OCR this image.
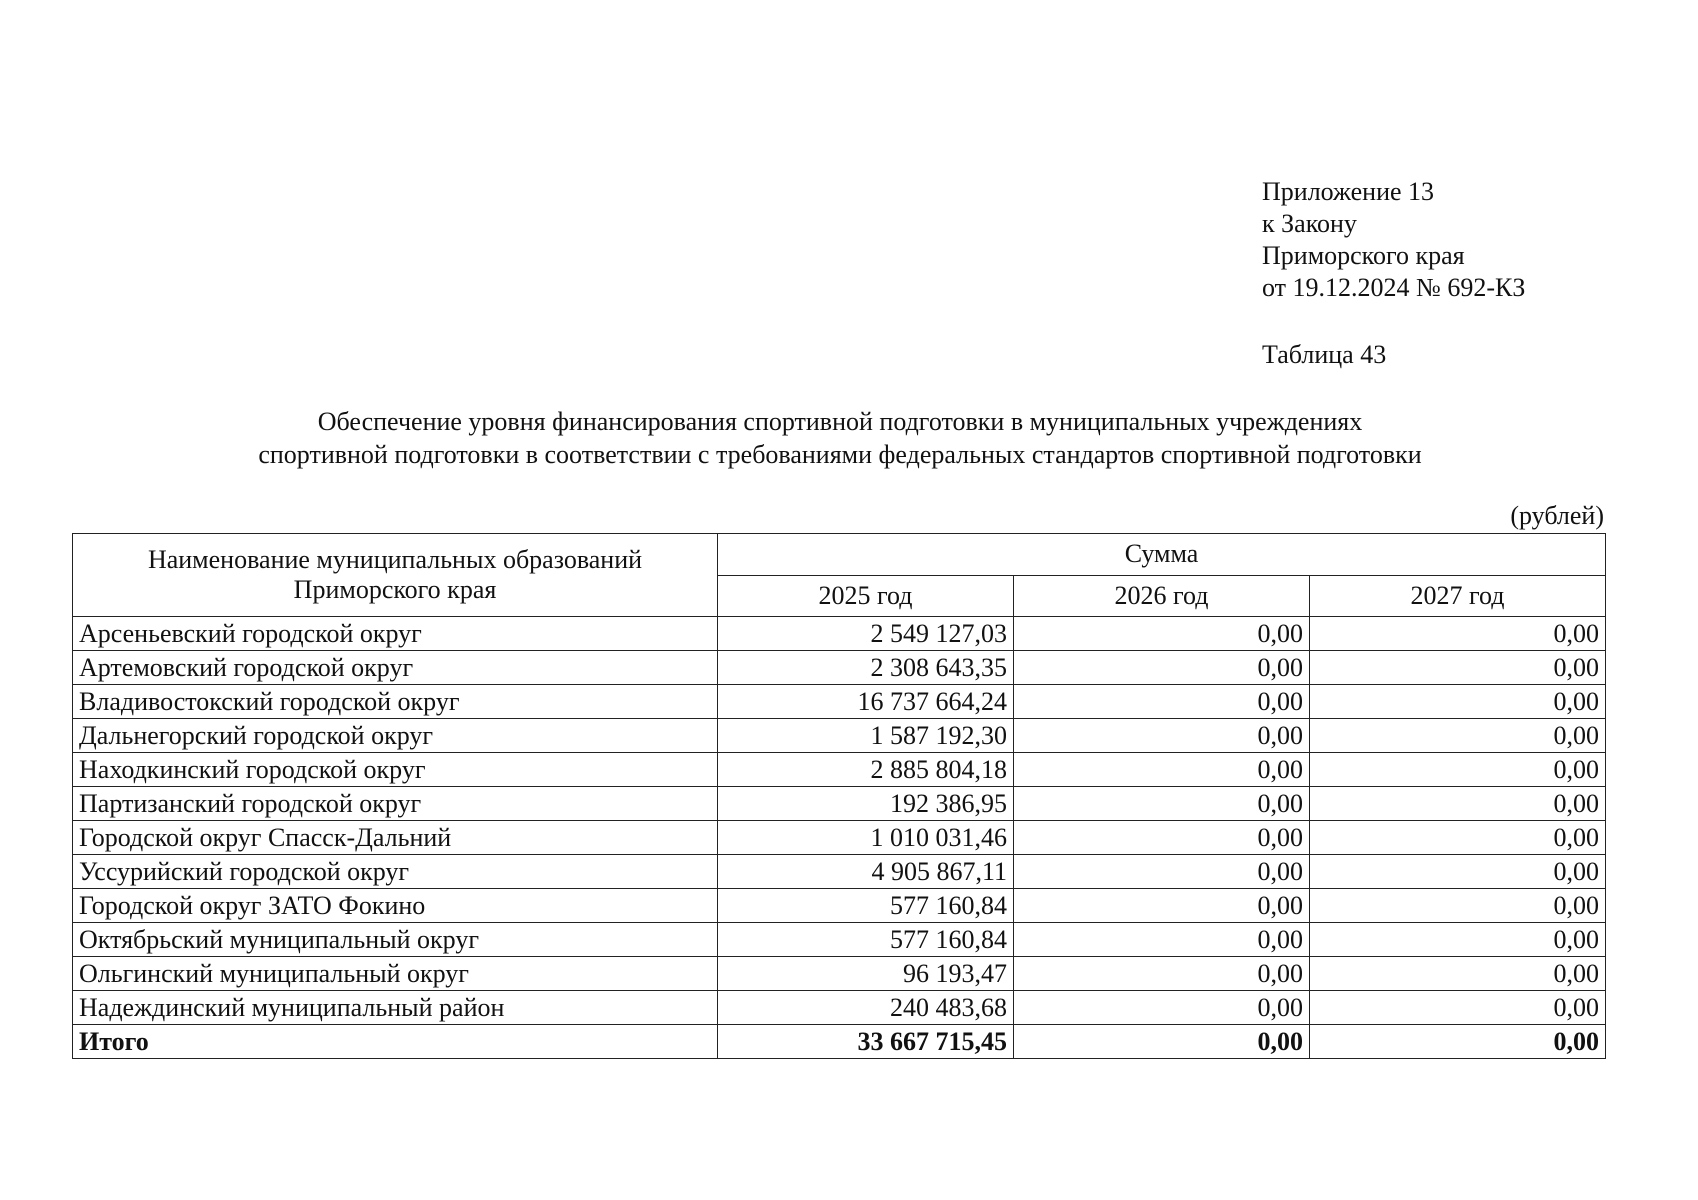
Приложение 13
к Закону
Приморского края
от 19.12.2024 № 692-КЗ
Таблица 43
Обеспечение уровня финансирования спортивной подготовки в муниципальных учреждениях
спортивной подготовки в соответствии с требованиями федеральных стандартов спортивной подготовки
(рублей)
Наименование муниципальных образований
Приморского края	Сумма		
	2025 год	2026 год	2027 год
Арсеньевский городской округ	2 549 127,03	0,00	0,00
Артемовский городской округ	2 308 643,35	0,00	0,00
Владивостокский городской округ	16 737 664,24	0,00	0,00
Дальнегорский городской округ	1 587 192,30	0,00	0,00
Находкинский городской округ	2 885 804,18	0,00	0,00
Партизанский городской округ	192 386,95	0,00	0,00
Городской округ Спасск-Дальний	1 010 031,46	0,00	0,00
Уссурийский городской округ	4 905 867,11	0,00	0,00
Городской округ ЗАТО Фокино	577 160,84	0,00	0,00
Октябрьский муниципальный округ	577 160,84	0,00	0,00
Ольгинский муниципальный округ	96 193,47	0,00	0,00
Надеждинский муниципальный район	240 483,68	0,00	0,00
Итого	33 667 715,45	0,00	0,00
